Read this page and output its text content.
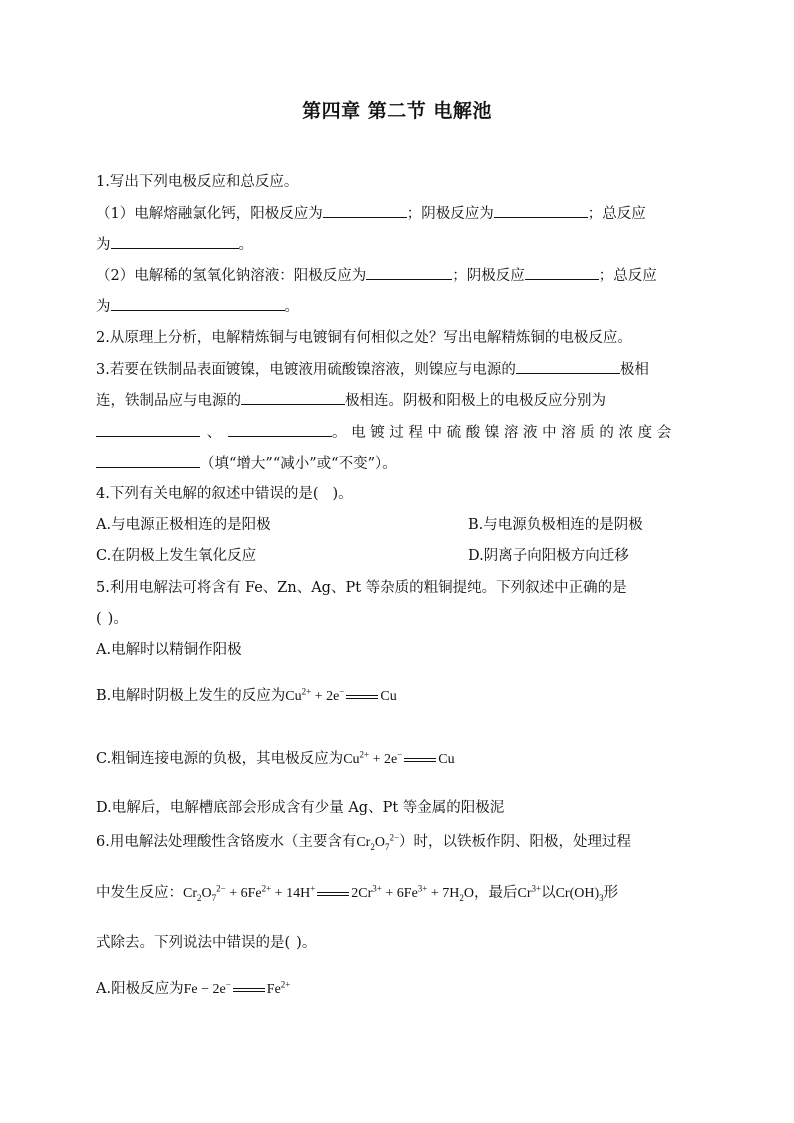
第四章 第二节 电解池
1.写出下列电极反应和总反应。
（1）电解熔融氯化钙，阳极反应为	；阴极反应为	；总反应
为	。
（2）电解稀的氢氧化钠溶液：阳极反应为	；阴极反应	；总反应
为	。
2.从原理上分析，电解精炼铜与电镀铜有何相似之处？写出电解精炼铜的电极反应。
3.若要在铁制品表面镀镍，电镀液用硫酸镍溶液，则镍应与电源的	极相
连，铁制品应与电源的	极相连。阴极和阳极上的电极反应分别为
、	。电镀过程中硫酸镍溶液中溶质的浓度会
（填“增大”“减小”或“不变”）。
4.下列有关电解的叙述中错误的是( )。
A.与电源正极相连的是阳极	B.与电源负极相连的是阴极
C.在阴极上发生氧化反应	D.阴离子向阳极方向迁移
5.利用电解法可将含有 Fe、Zn、Ag、Pt 等杂质的粗铜提纯。下列叙述中正确的是
( )。
A.电解时以精铜作阳极
B.电解时阴极上发生的反应为$Cu^{2+} + 2e^-$	Cu
C.粗铜连接电源的负极，其电极反应为$Cu^{2+} + 2e^-$	Cu
D.电解后，电解槽底部会形成含有少量 Ag、Pt 等金属的阳极泥
6.用电解法处理酸性含铬废水（主要含有$Cr_2O_7^{2-}$）时，以铁板作阴、阳极，处理过程
中发生反应：$Cr_2O_7^{2-} + 6Fe^{2+} + 14H^+$	$2Cr^{3+} + 6Fe^{3+} + 7H_2O$，最后$Cr^{3+}$以$Cr(OH)_3$形
式除去。下列说法中错误的是( )。
A.阳极反应为Fe − 2e−	$Fe^{2+}$
